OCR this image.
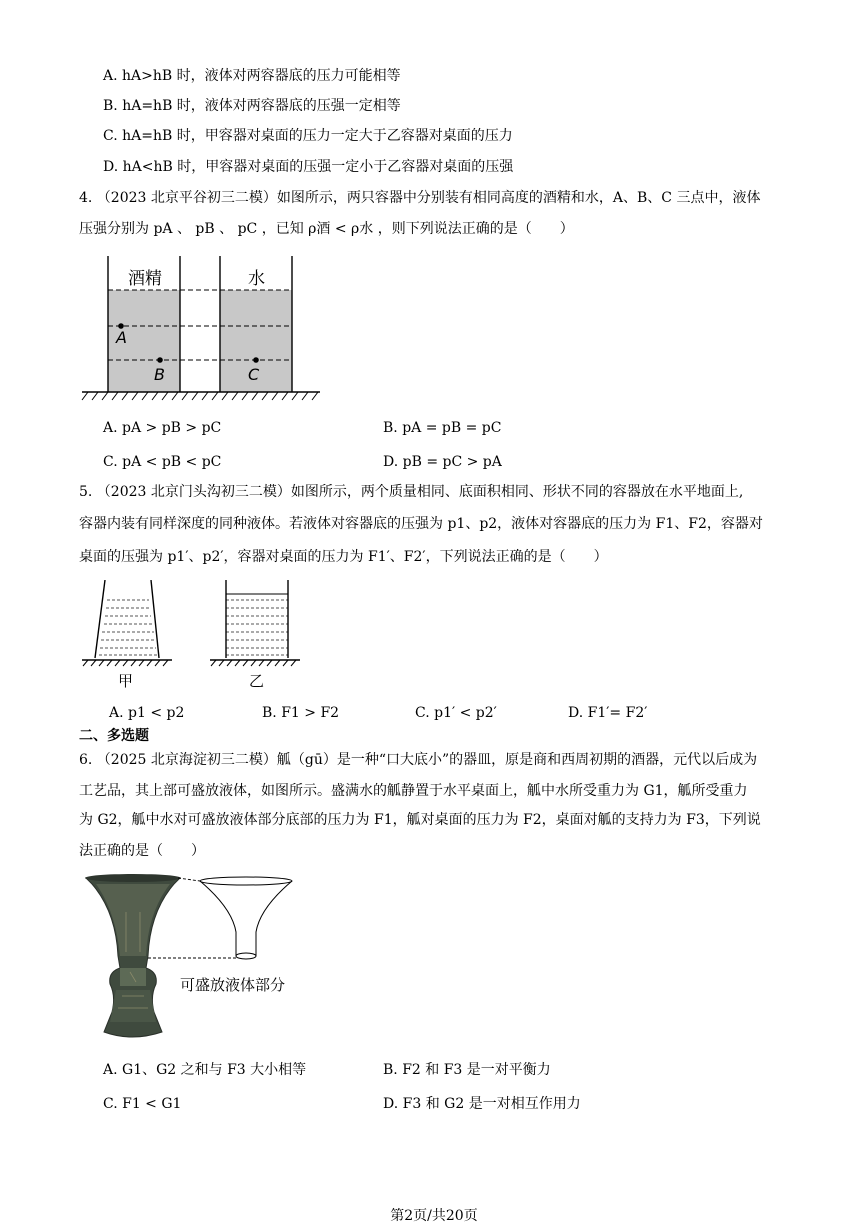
A. hA>hB 时，液体对两容器底的压力可能相等
B. hA=hB 时，液体对两容器底的压强一定相等
C. hA=hB 时，甲容器对桌面的压力一定大于乙容器对桌面的压力
D. hA<hB 时，甲容器对桌面的压强一定小于乙容器对桌面的压强
4. （2023 北京平谷初三二模）如图所示，两只容器中分别装有相同高度的酒精和水，A、B、C 三点中，液体
压强分别为 pA 、 pB 、 pC ，已知 ρ酒 < ρ水 ，则下列说法正确的是（　　）
酒精	水
A
B	C
A. pA > pB > pC	B. pA = pB = pC
C. pA < pB < pC	D. pB = pC > pA
5. （2023 北京门头沟初三二模）如图所示，两个质量相同、底面积相同、形状不同的容器放在水平地面上,
容器内装有同样深度的同种液体。若液体对容器底的压强为 p1、p2，液体对容器底的压力为 F1、F2，容器对
桌面的压强为 p1′、p2′，容器对桌面的压力为 F1′、F2′，下列说法正确的是（　　）
甲	乙
A. p1 < p2	B. F1 > F2	C. p1′ < p2′	D. F1′= F2′
二、多选题
6. （2025 北京海淀初三二模）觚（gū）是一种“口大底小”的器皿，原是商和西周初期的酒器，元代以后成为
工艺品，其上部可盛放液体，如图所示。盛满水的觚静置于水平桌面上，觚中水所受重力为 G1，觚所受重力
为 G2，觚中水对可盛放液体部分底部的压力为 F1，觚对桌面的压力为 F2，桌面对觚的支持力为 F3，下列说
法正确的是（　　）
可盛放液体部分
A. G1、G2 之和与 F3 大小相等	B. F2 和 F3 是一对平衡力
C. F1 < G1	D. F3 和 G2 是一对相互作用力
第2页/共20页
